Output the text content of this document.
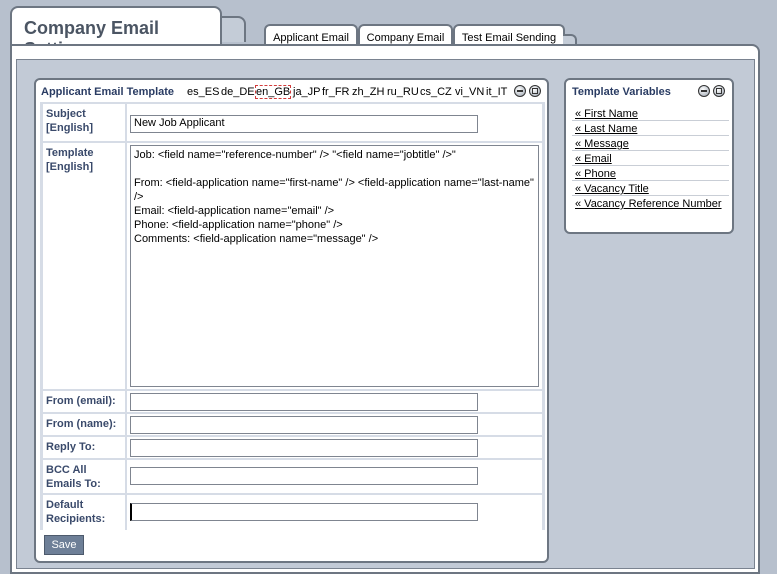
Company Email	Applicant Email	Company Email	Test Email Sending
Applicant Email Template es_ES de_DE en_GB ja_JP fr_FR zh_ZH ru_RU cs_CZ vi_VN it_IT
Subject
[English]	New Job Applicant
Template
[English]
Job: <field name="reference-number" /> "<field name="jobtitle" />"

From: <field-application name="first-name" /> <field-application name="last-name" />
Email: <field-application name="email" />
Phone: <field-application name="phone" />
Comments: <field-application name="message" />
From (email):
From (name):
Reply To:
BCC All
Emails To:
Default
Recipients:
Save
Template Variables
« First Name
« Last Name
« Message
« Email
« Phone
« Vacancy Title
« Vacancy Reference Number
